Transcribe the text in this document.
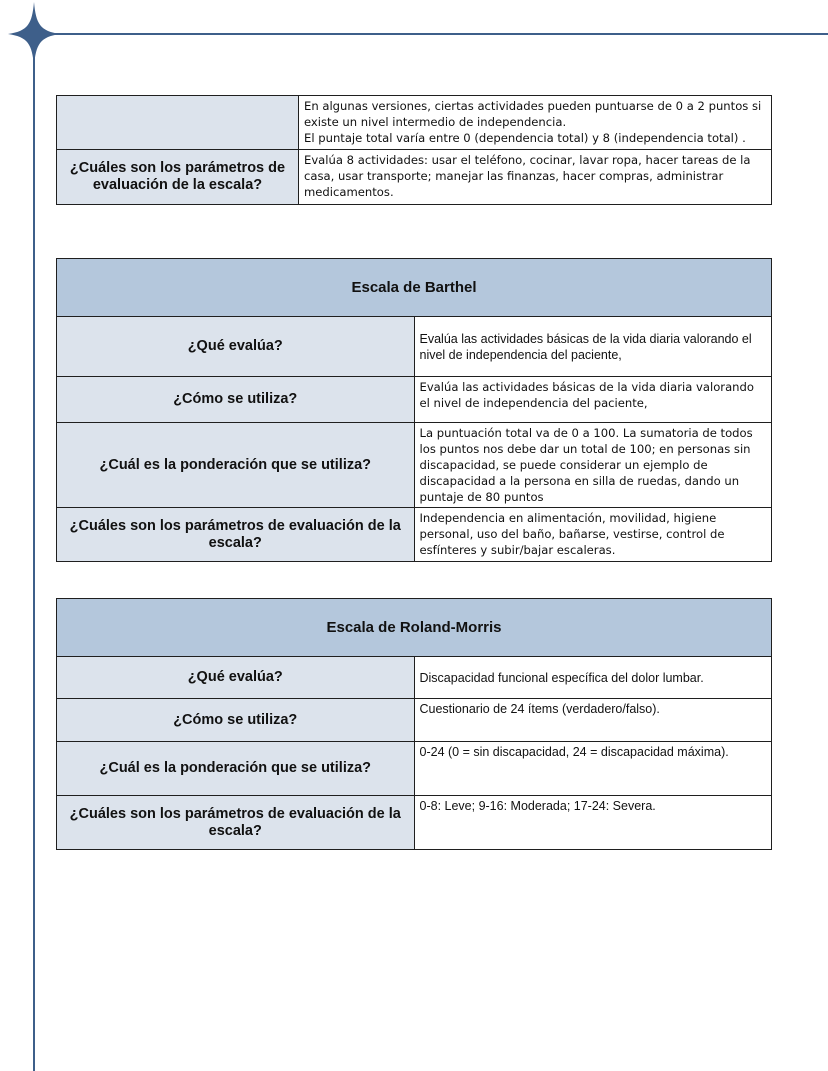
	En algunas versiones, ciertas actividades pueden puntuarse de 0 a 2 puntos si existe un nivel intermedio de independencia.
El puntaje total varía entre 0 (dependencia total) y 8 (independencia total) .

¿Cuáles son los parámetros de evaluación de la escala?	Evalúa 8 actividades: usar el teléfono, cocinar, lavar ropa, hacer tareas de la casa, usar transporte; manejar las finanzas, hacer compras, administrar medicamentos.
Escala de Barthel	
¿Qué evalúa?	Evalúa las actividades básicas de la vida diaria valorando el nivel de independencia del paciente,
¿Cómo se utiliza?	Evalúa las actividades básicas de la vida diaria valorando el nivel de independencia del paciente,
¿Cuál es la ponderación que se utiliza?	La puntuación total va de 0 a 100. La sumatoria de todos los puntos nos debe dar un total de 100; en personas sin discapacidad, se puede considerar un ejemplo de discapacidad a la persona en silla de ruedas, dando un puntaje de 80 puntos
¿Cuáles son los parámetros de evaluación de la escala?	Independencia en alimentación, movilidad, higiene personal, uso del baño, bañarse, vestirse, control de esfínteres y subir/bajar escaleras.
Escala de Roland-Morris	
¿Qué evalúa?	Discapacidad funcional específica del dolor lumbar.
¿Cómo se utiliza?	Cuestionario de 24 ítems (verdadero/falso).
¿Cuál es la ponderación que se utiliza?	0-24 (0 = sin discapacidad, 24 = discapacidad máxima).
¿Cuáles son los parámetros de evaluación de la escala?	0-8: Leve; 9-16: Moderada; 17-24: Severa.
